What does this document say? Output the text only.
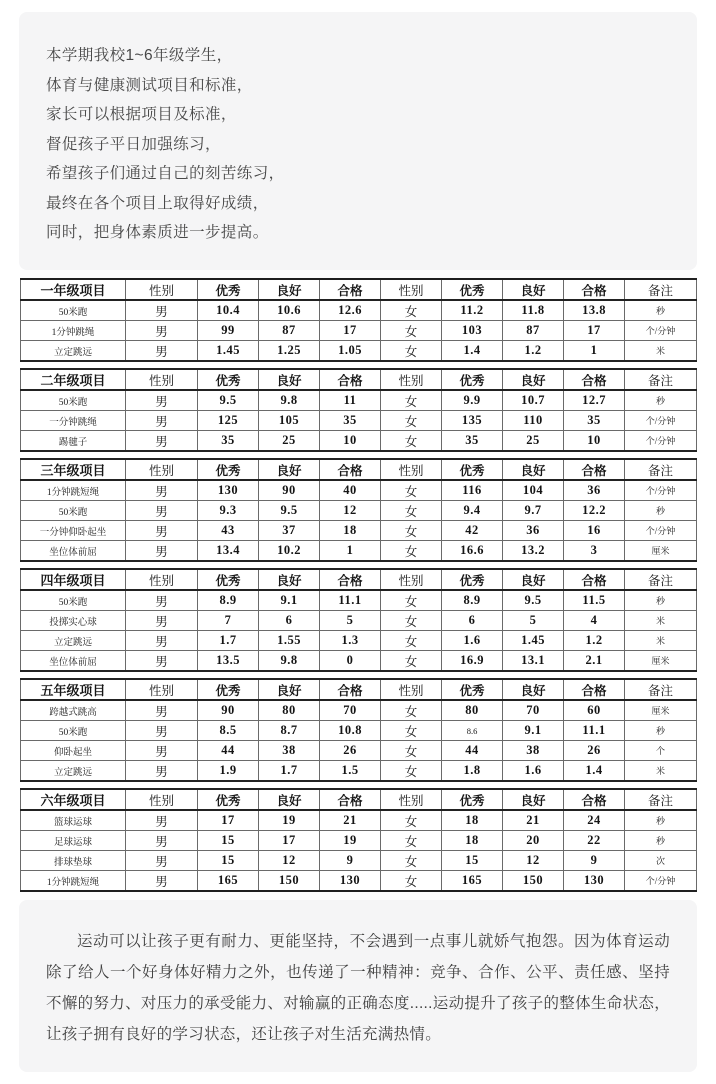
本学期我校1~6年级学生，

体育与健康测试项目和标准，

家长可以根据项目及标准，

督促孩子平日加强练习，

希望孩子们通过自己的刻苦练习，

最终在各个项目上取得好成绩，

同时，把身体素质进一步提高。

一年级项目	性别	优秀	良好	合格	性别	优秀	良好	合格	备注
50米跑	男	10.4	10.6	12.6	女	11.2	11.8	13.8	秒
1分钟跳绳	男	99	87	17	女	103	87	17	个/分钟
立定跳远	男	1.45	1.25	1.05	女	1.4	1.2	1	米
二年级项目	性别	优秀	良好	合格	性别	优秀	良好	合格	备注
50米跑	男	9.5	9.8	11	女	9.9	10.7	12.7	秒
一分钟跳绳	男	125	105	35	女	135	110	35	个/分钟
踢毽子	男	35	25	10	女	35	25	10	个/分钟
三年级项目	性别	优秀	良好	合格	性别	优秀	良好	合格	备注
1分钟跳短绳	男	130	90	40	女	116	104	36	个/分钟
50米跑	男	9.3	9.5	12	女	9.4	9.7	12.2	秒
一分钟仰卧起坐	男	43	37	18	女	42	36	16	个/分钟
坐位体前屈	男	13.4	10.2	1	女	16.6	13.2	3	厘米
四年级项目	性别	优秀	良好	合格	性别	优秀	良好	合格	备注
50米跑	男	8.9	9.1	11.1	女	8.9	9.5	11.5	秒
投掷实心球	男	7	6	5	女	6	5	4	米
立定跳远	男	1.7	1.55	1.3	女	1.6	1.45	1.2	米
坐位体前屈	男	13.5	9.8	0	女	16.9	13.1	2.1	厘米
五年级项目	性别	优秀	良好	合格	性别	优秀	良好	合格	备注
跨越式跳高	男	90	80	70	女	80	70	60	厘米
50米跑	男	8.5	8.7	10.8	女	8.6	9.1	11.1	秒
仰卧起坐	男	44	38	26	女	44	38	26	个
立定跳远	男	1.9	1.7	1.5	女	1.8	1.6	1.4	米
六年级项目	性别	优秀	良好	合格	性别	优秀	良好	合格	备注
篮球运球	男	17	19	21	女	18	21	24	秒
足球运球	男	15	17	19	女	18	20	22	秒
排球垫球	男	15	12	9	女	15	12	9	次
1分钟跳短绳	男	165	150	130	女	165	150	130	个/分钟

运动可以让孩子更有耐力、更能坚持，不会遇到一点事儿就娇气抱怨。因为体育运动除了给人一个好身体好精力之外，也传递了一种精神：竞争、合作、公平、责任感、坚持不懈的努力、对压力的承受能力、对输赢的正确态度.....运动提升了孩子的整体生命状态，让孩子拥有良好的学习状态，还让孩子对生活充满热情。
